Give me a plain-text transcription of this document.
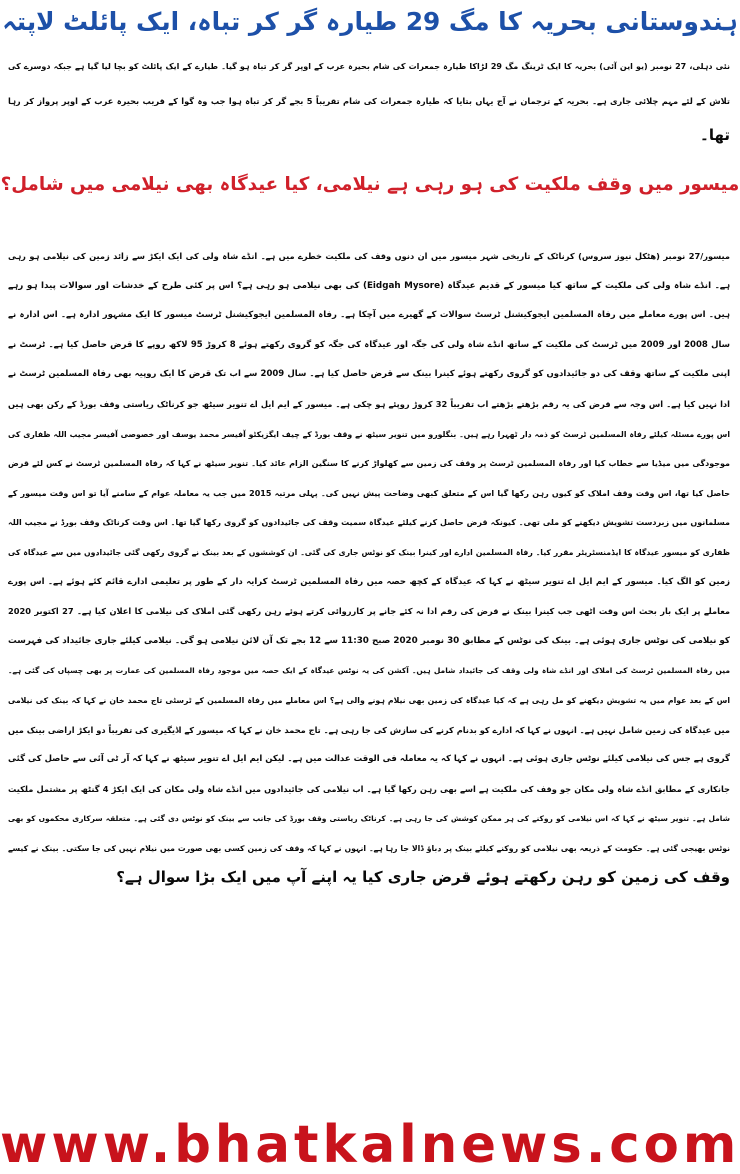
ہندوستانی بحریہ کا مگ 29 طیارہ گر کر تباہ، ایک پائلٹ لاپتہ
نئی دہلی، 27 نومبر (یو این آئی) بحریہ کا ایک ٹرینگ مگ 29 لڑاکا طیارہ جمعرات کی شام بحیرہ عرب کے اوپر گر کر تباہ ہو گیا۔ طیارے کے ایک پائلٹ کو بچا لیا گیا ہے جبکہ دوسرے کی
تلاش کے لئے مہم چلائی جاری ہے۔ بحریہ کے ترجمان نے آج یہاں بتایا کہ طیارہ جمعرات کی شام تقریباً 5 بجے گر کر تباہ ہوا جب وہ گوا کے قریب بحیرہ عرب کے اوپر پرواز کر رہا
تھا۔
میسور میں وقف ملکیت کی ہو رہی ہے نیلامی، کیا عیدگاہ بھی نیلامی میں شامل؟
میسور/27 نومبر (ھٹکل نیوز سروس) کرناٹک کے تاریخی شہر میسور میں ان دنوں وقف کی ملکیت خطرے میں ہے۔ انڈے شاہ ولی کی ایک ایکڑ سے زائد زمین کی نیلامی ہو رہی
ہے۔ انڈے شاہ ولی کی ملکیت کے ساتھ کیا میسور کے قدیم عیدگاہ (Eidgah Mysore) کی بھی نیلامی ہو رہی ہے؟ اس پر کئی طرح کے خدشات اور سوالات پیدا ہو رہے
ہیں۔ اس پورے معاملے میں رفاہ المسلمین ایجوکیشنل ٹرسٹ سوالات کے گھیرے میں آچکا ہے۔ رفاہ المسلمین ایجوکیشنل ٹرسٹ میسور کا ایک مشہور ادارہ ہے۔ اس ادارہ نے
سال 2008 اور 2009 میں ٹرسٹ کی ملکیت کے ساتھ انڈے شاہ ولی کی جگہ اور عیدگاہ کی جگہ کو گروی رکھتے ہوئے 8 کروڑ 95 لاکھ روپے کا قرض حاصل کیا ہے۔ ٹرسٹ نے
اپنی ملکیت کے ساتھ وقف کی دو جائیدادوں کو گروی رکھتے ہوئے کینرا بینک سے قرض حاصل کیا ہے۔ سال 2009 سے اب تک قرض کا ایک روپیہ بھی رفاہ المسلمین ٹرسٹ نے
ادا نہیں کیا ہے۔ اس وجہ سے قرض کی یہ رقم بڑھتے بڑھتے اب تقریباً 32 کروڑ روپئے ہو چکی ہے۔ میسور کے ایم ایل اے تنویر سیٹھ جو کرناٹک ریاستی وقف بورڈ کے رکن بھی ہیں
اس پورے مسئلہ کیلئے رفاہ المسلمین ٹرسٹ کو ذمہ دار ٹھہرا رہے ہیں۔ بنگلورو میں تنویر سیٹھ نے وقف بورڈ کے چیف ایگزیکٹو آفیسر محمد یوسف اور خصوصی آفیسر مجیب اللہ ظفاری کی
موجودگی میں میڈیا سے خطاب کیا اور رفاہ المسلمین ٹرسٹ پر وقف کی زمین سے کھلواڑ کرنے کا سنگین الزام عائد کیا۔ تنویر سیٹھ نے کہا کہ رفاہ المسلمین ٹرسٹ نے کس لئے قرض
حاصل کیا تھا، اس وقت وقف املاک کو کیوں رہن رکھا گیا اس کے متعلق کبھی وضاحت پیش نہیں کی۔ پہلی مرتبہ 2015 میں جب یہ معاملہ عوام کے سامنے آیا تو اس وقت میسور کے
مسلمانوں میں زبردست تشویش دیکھنے کو ملی تھی۔ کیونکہ قرض حاصل کرنے کیلئے عیدگاہ سمیت وقف کی جائیدادوں کو گروی رکھا گیا تھا۔ اس وقت کرناٹک وقف بورڈ نے مجیب اللہ
ظفاری کو میسور عیدگاہ کا ایڈمنسٹریٹر مقرر کیا۔ رفاہ المسلمین ادارے اور کینرا بینک کو نوٹس جاری کی گئی۔ ان کوششوں کے بعد بینک نے گروی رکھی گئی جائیدادوں میں سے عیدگاہ کی
زمین کو الگ کیا۔ میسور کے ایم ایل اے تنویر سیٹھ نے کہا کہ عیدگاہ کے کچھ حصہ میں رفاہ المسلمین ٹرسٹ کرایہ دار کے طور پر تعلیمی ادارے قائم کئے ہوئے ہے۔ اس پورے
معاملے پر ایک بار بحث اس وقت اٹھی جب کینرا بینک نے قرض کی رقم ادا نہ کئے جانے پر کارروائی کرتے ہوئے رہن رکھی گئی املاک کی نیلامی کا اعلان کیا ہے۔ 27 اکتوبر 2020
کو نیلامی کی نوٹس جاری ہوئی ہے۔ بینک کی نوٹس کے مطابق 30 نومبر 2020 صبح 11:30 سے 12 بجے تک آن لائن نیلامی ہو گی۔ نیلامی کیلئے جاری جائیداد کی فہرست
میں رفاہ المسلمین ٹرسٹ کی املاک اور انڈے شاہ ولی وقف کی جائیداد شامل ہیں۔ آکشن کی یہ نوٹس عیدگاہ کے ایک حصہ میں موجود رفاہ المسلمین کی عمارت پر بھی چسپاں کی گئی ہے۔
اس کے بعد عوام میں یہ تشویش دیکھنے کو مل رہی ہے کہ کیا عیدگاہ کی زمین بھی نیلام ہونے والی ہے؟ اس معاملے میں رفاہ المسلمین کے ٹرسٹی تاج محمد خان نے کہا کہ بینک کی نیلامی
میں عیدگاہ کی زمین شامل نہیں ہے۔ انہوں نے کہا کہ ادارے کو بدنام کرنے کی سازش کی جا رہی ہے۔ تاج محمد خان نے کہا کہ میسور کے اڈیگیری کی تقریباً دو ایکڑ اراضی بینک میں
گروی ہے جس کی نیلامی کیلئے نوٹس جاری ہوئی ہے۔ انہوں نے کہا کہ یہ معاملہ فی الوقت عدالت میں ہے۔ لیکن ایم ایل اے تنویر سیٹھ نے کہا کہ آر ٹی آئی سے حاصل کی گئی
جانکاری کے مطابق انڈے شاہ ولی مکان جو وقف کی ملکیت ہے اسے بھی رہن رکھا گیا ہے۔ اب نیلامی کی جائیدادوں میں انڈے شاہ ولی مکان کی ایک ایکڑ 4 گنٹھ پر مشتمل ملکیت
شامل ہے۔ تنویر سیٹھ نے کہا کہ اس نیلامی کو روکنے کی ہر ممکن کوشش کی جا رہی ہے۔ کرناٹک ریاستی وقف بورڈ کی جانب سے بینک کو نوٹس دی گئی ہے۔ متعلقہ سرکاری محکموں کو بھی
نوٹس بھیجی گئی ہے۔ حکومت کے ذریعہ بھی نیلامی کو روکنے کیلئے بینک پر دباؤ ڈالا جا رہا ہے۔ انہوں نے کہا کہ وقف کی زمین کسی بھی صورت میں نیلام نہیں کی جا سکتی۔ بینک نے کیسے
وقف کی زمین کو رہن رکھتے ہوئے قرض جاری کیا یہ اپنے آپ میں ایک بڑا سوال ہے؟
www.bhatkalnews.com
